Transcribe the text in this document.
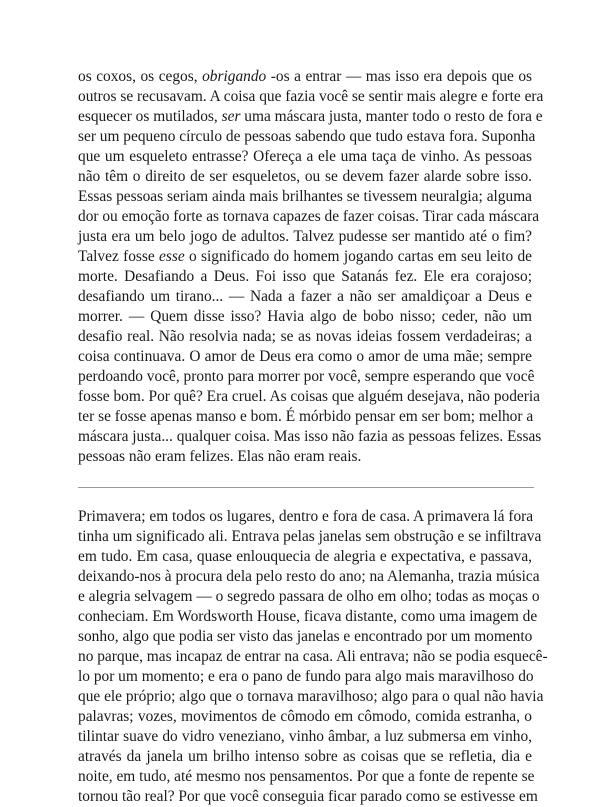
os coxos, os cegos, obrigando -os a entrar — mas isso era depois que os
outros se recusavam. A coisa que fazia você se sentir mais alegre e forte era
esquecer os mutilados, ser uma máscara justa, manter todo o resto de fora e
ser um pequeno círculo de pessoas sabendo que tudo estava fora. Suponha
que um esqueleto entrasse? Ofereça a ele uma taça de vinho. As pessoas
não têm o direito de ser esqueletos, ou se devem fazer alarde sobre isso.
Essas pessoas seriam ainda mais brilhantes se tivessem neuralgia; alguma
dor ou emoção forte as tornava capazes de fazer coisas. Tirar cada máscara
justa era um belo jogo de adultos. Talvez pudesse ser mantido até o fim?
Talvez fosse esse o significado do homem jogando cartas em seu leito de
morte. Desafiando a Deus. Foi isso que Satanás fez. Ele era corajoso;
desafiando um tirano... — Nada a fazer a não ser amaldiçoar a Deus e
morrer. — Quem disse isso? Havia algo de bobo nisso; ceder, não um
desafio real. Não resolvia nada; se as novas ideias fossem verdadeiras; a
coisa continuava. O amor de Deus era como o amor de uma mãe; sempre
perdoando você, pronto para morrer por você, sempre esperando que você
fosse bom. Por quê? Era cruel. As coisas que alguém desejava, não poderia
ter se fosse apenas manso e bom. É mórbido pensar em ser bom; melhor a
máscara justa... qualquer coisa. Mas isso não fazia as pessoas felizes. Essas
pessoas não eram felizes. Elas não eram reais.
Primavera; em todos os lugares, dentro e fora de casa. A primavera lá fora
tinha um significado ali. Entrava pelas janelas sem obstrução e se infiltrava
em tudo. Em casa, quase enlouquecia de alegria e expectativa, e passava,
deixando-nos à procura dela pelo resto do ano; na Alemanha, trazia música
e alegria selvagem — o segredo passara de olho em olho; todas as moças o
conheciam. Em Wordsworth House, ficava distante, como uma imagem de
sonho, algo que podia ser visto das janelas e encontrado por um momento
no parque, mas incapaz de entrar na casa. Ali entrava; não se podia esquecê-
lo por um momento; e era o pano de fundo para algo mais maravilhoso do
que ele próprio; algo que o tornava maravilhoso; algo para o qual não havia
palavras; vozes, movimentos de cômodo em cômodo, comida estranha, o
tilintar suave do vidro veneziano, vinho âmbar, a luz submersa em vinho,
através da janela um brilho intenso sobre as coisas que se refletia, dia e
noite, em tudo, até mesmo nos pensamentos. Por que a fonte de repente se
tornou tão real? Por que você conseguia ficar parado como se estivesse em
